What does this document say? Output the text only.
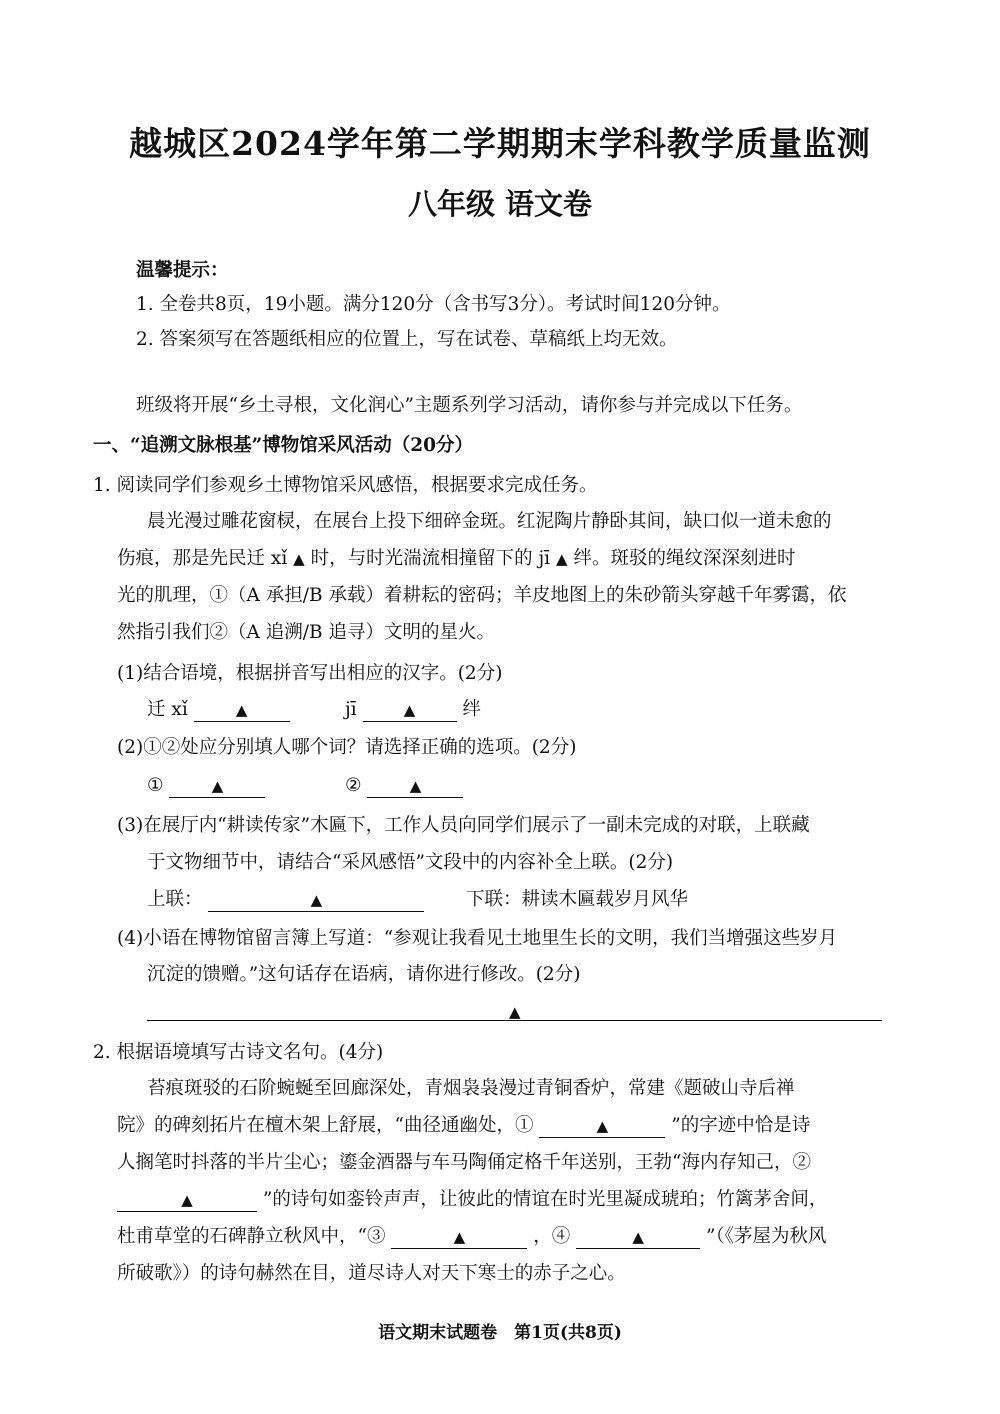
越城区2024学年第二学期期末学科教学质量监测
八年级 语文卷
温馨提示：
1. 全卷共8页，19小题。满分120分（含书写3分）。考试时间120分钟。
2. 答案须写在答题纸相应的位置上，写在试卷、草稿纸上均无效。
班级将开展“乡土寻根，文化润心”主题系列学习活动，请你参与并完成以下任务。
一、“追溯文脉根基”博物馆采风活动（20分）
1. 阅读同学们参观乡土博物馆采风感悟，根据要求完成任务。
晨光漫过雕花窗棂，在展台上投下细碎金斑。红泥陶片静卧其间，缺口似一道未愈的
伤痕，那是先民迁 xǐ ▲ 时，与时光湍流相撞留下的 jī ▲ 绊。斑驳的绳纹深深刻进时
光的肌理，①（A 承担/B 承载）着耕耘的密码；羊皮地图上的朱砂箭头穿越千年雾霭，依
然指引我们②（A 追溯/B 追寻）文明的星火。
(1)结合语境，根据拼音写出相应的汉字。(2分)
迁 xǐ	▲	jī	▲	绊
(2)①②处应分别填人哪个词？请选择正确的选项。(2分)
①	▲	②	▲
(3)在展厅内“耕读传家”木匾下，工作人员向同学们展示了一副未完成的对联，上联藏
于文物细节中，请结合“采风感悟”文段中的内容补全上联。(2分)
上联：	▲	下联：耕读木匾载岁月风华
(4)小语在博物馆留言簿上写道：“参观让我看见土地里生长的文明，我们当增强这些岁月
沉淀的馈赠。”这句话存在语病，请你进行修改。(2分)
▲
2. 根据语境填写古诗文名句。(4分)
苔痕斑驳的石阶蜿蜒至回廊深处，青烟袅袅漫过青铜香炉，常建《题破山寺后禅
院》的碑刻拓片在檀木架上舒展，“曲径通幽处，①	▲	”的字迹中恰是诗
人搁笔时抖落的半片尘心；鎏金酒器与车马陶俑定格千年送别，王勃“海内存知己，②
▲	”的诗句如銮铃声声，让彼此的情谊在时光里凝成琥珀；竹篱茅舍间，
杜甫草堂的石碑静立秋风中，“③	▲	，④	▲	”（《茅屋为秋风
所破歌》）的诗句赫然在目，道尽诗人对天下寒士的赤子之心。
语文期末试题卷　第1页(共8页)
